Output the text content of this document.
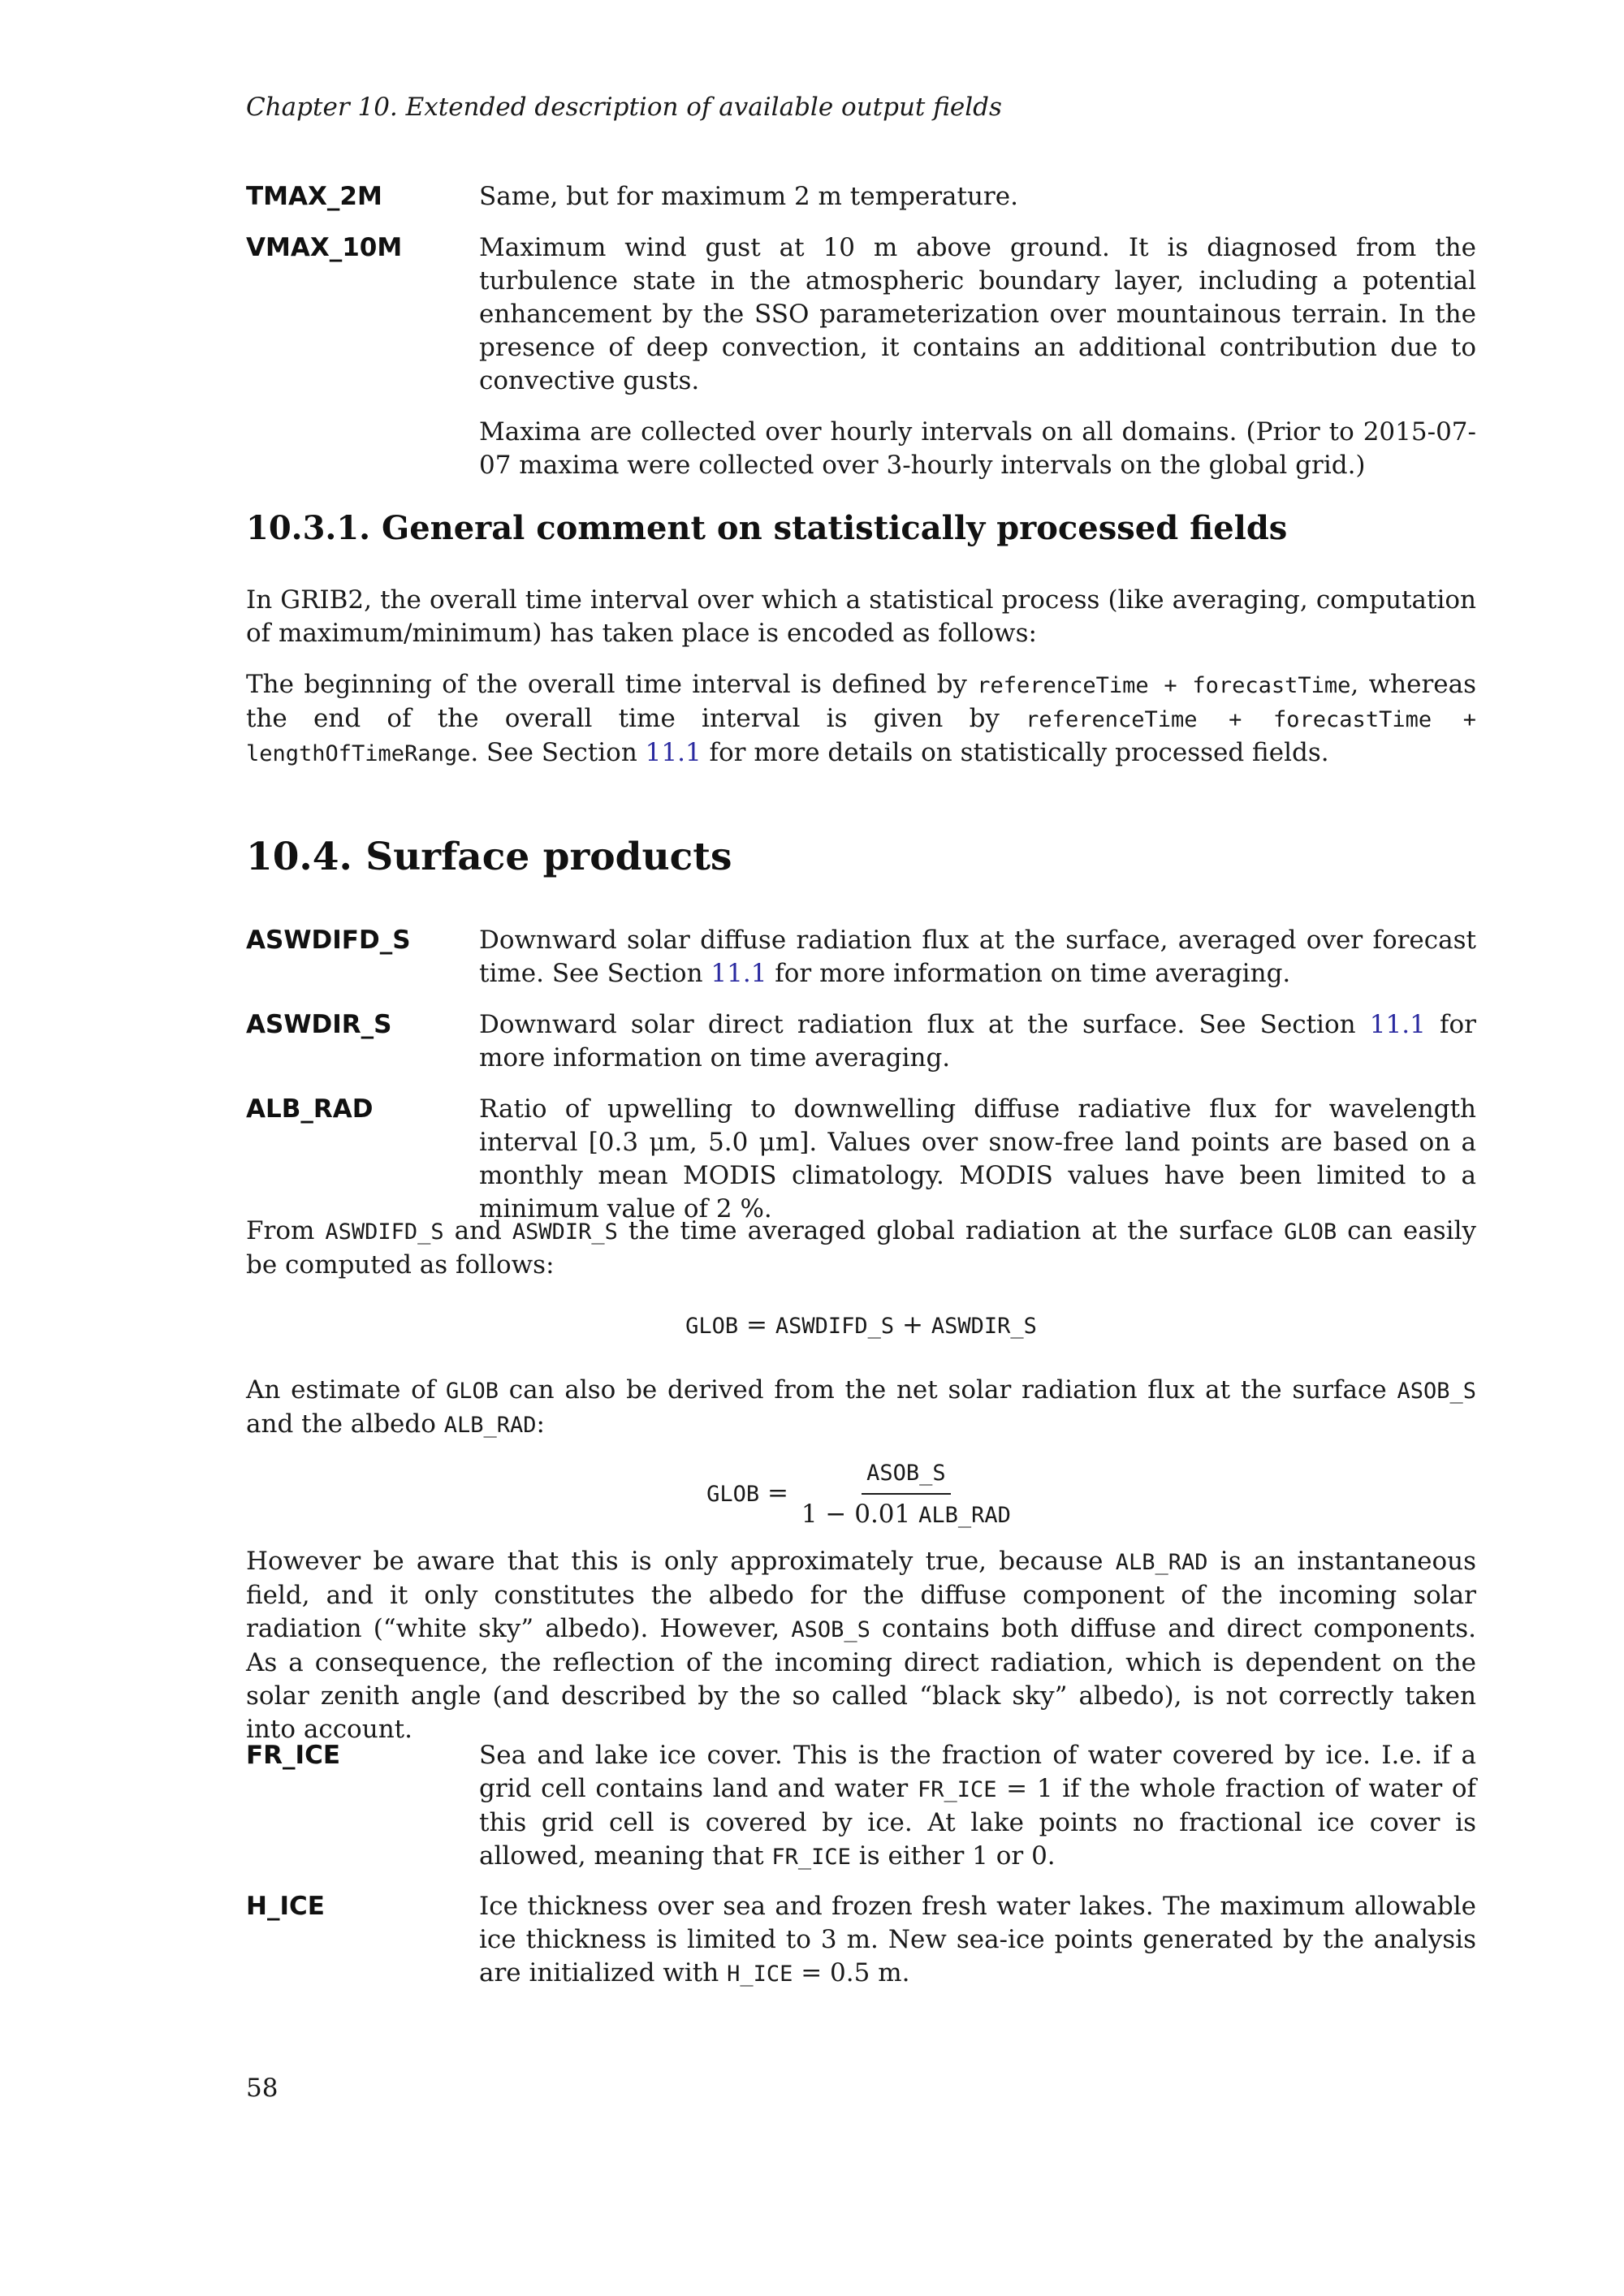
Chapter 10. Extended description of available output fields
TMAX_2M	Same, but for maximum 2 m temperature.

VMAX_10M	Maximum wind gust at 10 m above ground. It is diagnosed from the turbulence state in the atmospheric boundary layer, including a potential enhancement by the SSO parameterization over mountainous terrain. In the presence of deep convection, it contains an additional contribution due to convective gusts.

Maxima are collected over hourly intervals on all domains. (Prior to 2015-07-07 maxima were collected over 3-hourly intervals on the global grid.)

10.3.1. General comment on statistically processed fields

In GRIB2, the overall time interval over which a statistical process (like averaging, computation of maximum/minimum) has taken place is encoded as follows:

The beginning of the overall time interval is defined by referenceTime + forecastTime, whereas the end of the overall time interval is given by referenceTime + forecastTime + lengthOfTimeRange. See Section 11.1 for more details on statistically processed fields.

10.4. Surface products
ASWDIFD_S	Downward solar diffuse radiation flux at the surface, averaged over forecast time. See Section 11.1 for more information on time averaging.

ASWDIR_S	Downward solar direct radiation flux at the surface. See Section 11.1 for more information on time averaging.

ALB_RAD	Ratio of upwelling to downwelling diffuse radiative flux for wavelength interval [0.3 μm, 5.0 μm]. Values over snow-free land points are based on a monthly mean MODIS climatology. MODIS values have been limited to a minimum value of 2 %.

From ASWDIFD_S and ASWDIR_S the time averaged global radiation at the surface GLOB can easily be computed as follows:

GLOB = ASWDIFD_S + ASWDIR_S

An estimate of GLOB can also be derived from the net solar radiation flux at the surface ASOB_S and the albedo ALB_RAD:

GLOB = $\frac{\text{ASOB\_S}}{\text{1 − 0.01 ALB\_RAD}}$

However be aware that this is only approximately true, because ALB_RAD is an instantaneous field, and it only constitutes the albedo for the diffuse component of the incoming solar radiation (“white sky” albedo). However, ASOB_S contains both diffuse and direct components. As a consequence, the reflection of the incoming direct radiation, which is dependent on the solar zenith angle (and described by the so called “black sky” albedo), is not correctly taken into account.

FR_ICE	Sea and lake ice cover. This is the fraction of water covered by ice. I.e. if a grid cell contains land and water FR_ICE = 1 if the whole fraction of water of this grid cell is covered by ice. At lake points no fractional ice cover is allowed, meaning that FR_ICE is either 1 or 0.

H_ICE	Ice thickness over sea and frozen fresh water lakes. The maximum allowable ice thickness is limited to 3 m. New sea-ice points generated by the analysis are initialized with H_ICE = 0.5 m.

58
